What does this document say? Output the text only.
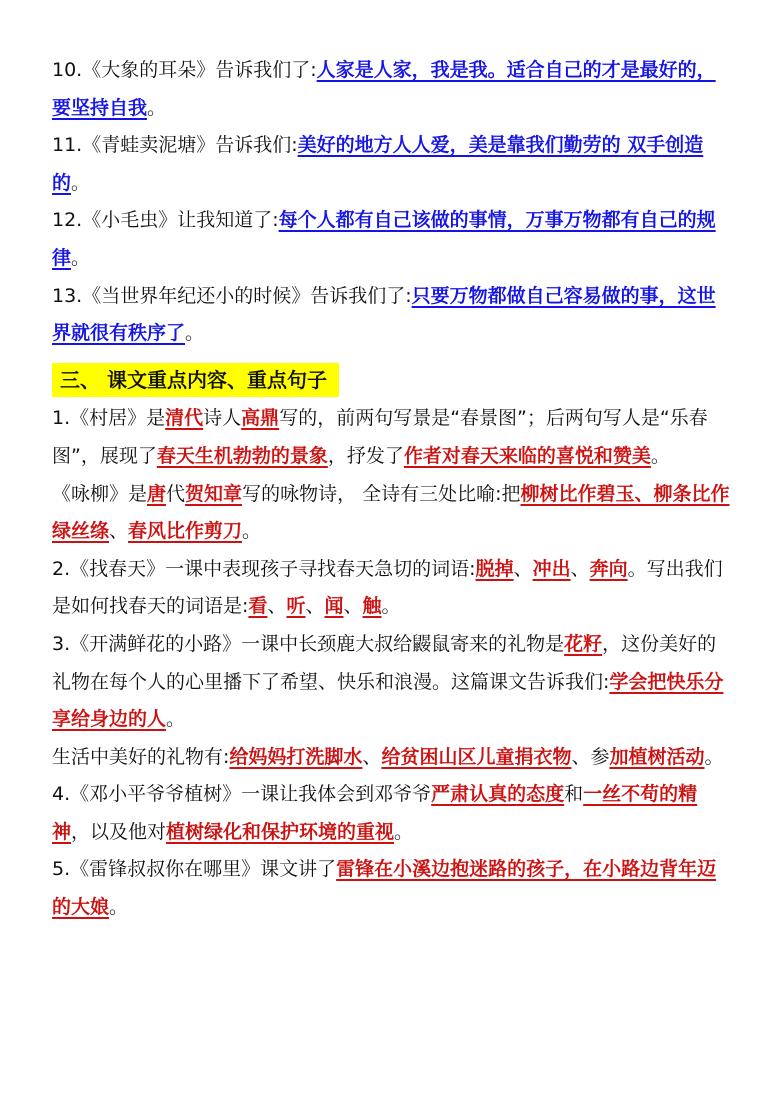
10.《大象的耳朵》告诉我们了:人家是人家，我是我。适合自己的才是最好的，要坚持自我。

11.《青蛙卖泥塘》告诉我们:美好的地方人人爱，美是靠我们勤劳的 双手创造的。

12.《小毛虫》让我知道了:每个人都有自己该做的事情，万事万物都有自己的规律。

13.《当世界年纪还小的时候》告诉我们了:只要万物都做自己容易做的事，这世界就很有秩序了。

三、 课文重点内容、重点句子

1.《村居》是清代诗人高鼎写的，前两句写景是“春景图”；后两句写人是“乐春图”，展现了春天生机勃勃的景象，抒发了作者对春天来临的喜悦和赞美。

《咏柳》是唐代贺知章写的咏物诗， 全诗有三处比喻:把柳树比作碧玉、柳条比作绿丝绦、春风比作剪刀。

2.《找春天》一课中表现孩子寻找春天急切的词语:脱掉、冲出、奔向。写出我们是如何找春天的词语是:看、听、闻、触。

3.《开满鲜花的小路》一课中长颈鹿大叔给鼹鼠寄来的礼物是花籽，这份美好的礼物在每个人的心里播下了希望、快乐和浪漫。这篇课文告诉我们:学会把快乐分享给身边的人。

生活中美好的礼物有:给妈妈打洗脚水、给贫困山区儿童捐衣物、参加植树活动。

4.《邓小平爷爷植树》一课让我体会到邓爷爷严肃认真的态度和一丝不苟的精神，以及他对植树绿化和保护环境的重视。

5.《雷锋叔叔你在哪里》课文讲了雷锋在小溪边抱迷路的孩子，在小路边背年迈的大娘。
